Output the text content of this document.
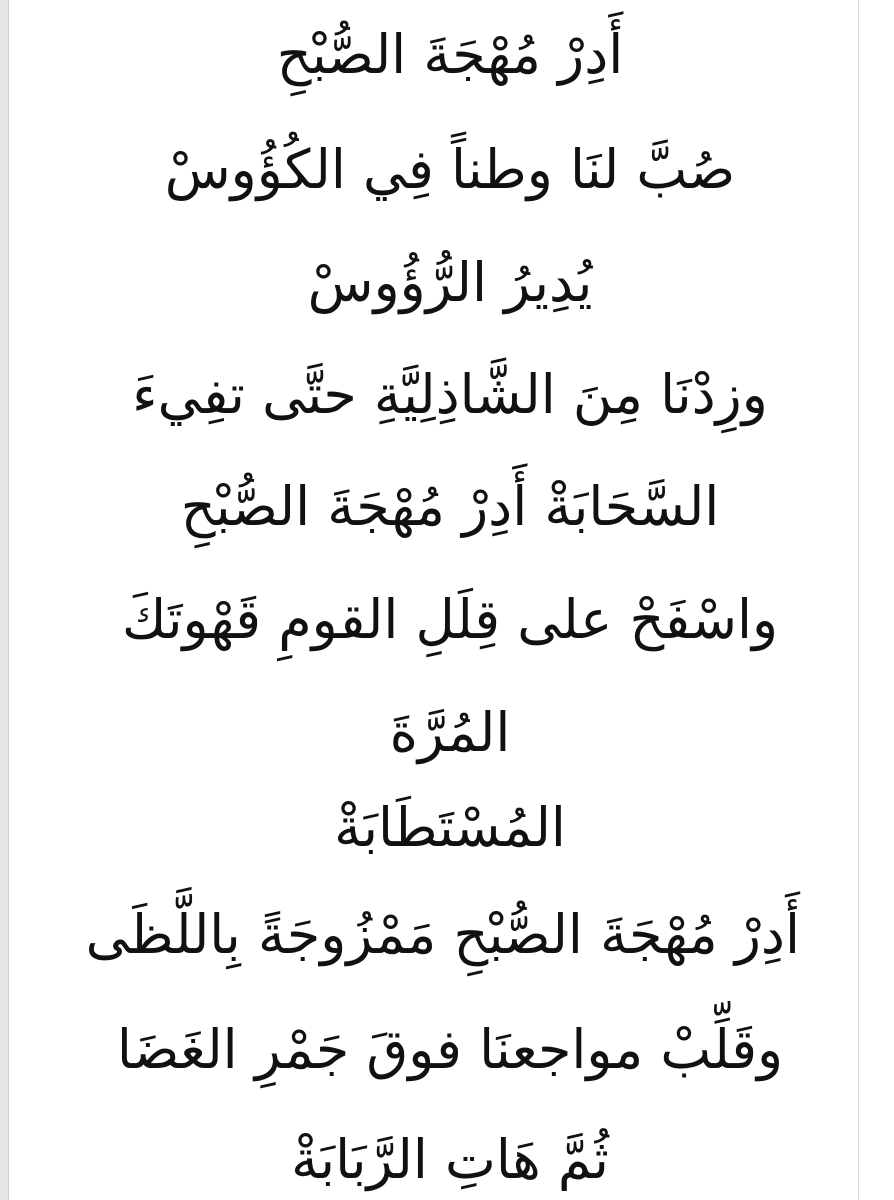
أَدِرْ مُهْجَةَ الصُّبْحِ
صُبَّ لنَا وطناً فِي الكُؤُوسْ
يُدِيرُ الرُّؤُوسْ
وزِدْنَا مِنَ الشَّاذِلِيَّةِ حتَّى تفِيءَ
السَّحَابَةْ أَدِرْ مُهْجَةَ الصُّبْحِ
واسْفَحْ على قِلَلِ القومِ قَهْوتَكَ
المُرَّةَ
المُسْتَطَابَةْ
أَدِرْ مُهْجَةَ الصُّبْحِ مَمْزُوجَةً بِاللَّظَى
وقَلِّبْ مواجعنَا فوقَ جَمْرِ الغَضَا
ثُمَّ هَاتِ الرَّبَابَةْ
